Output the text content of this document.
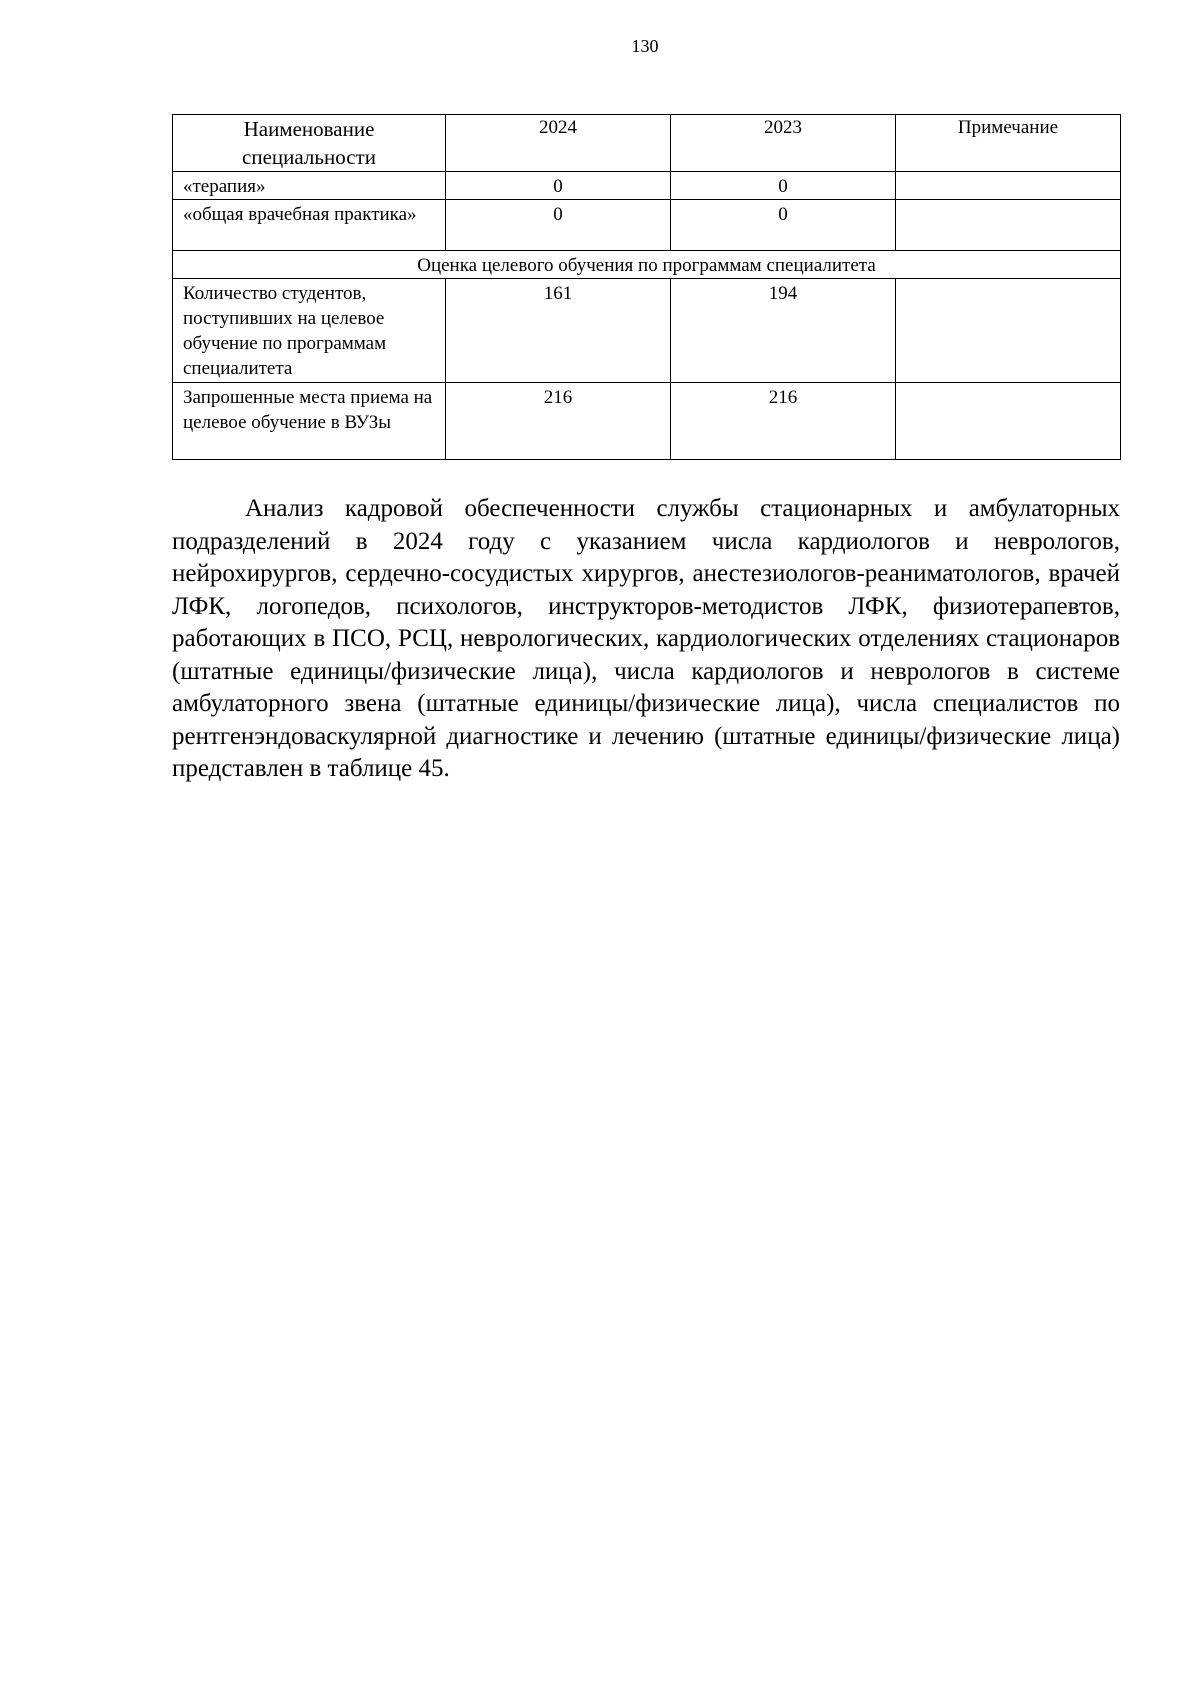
130
Наименование специальности	2024	2023	Примечание
«терапия»	0	0	
«общая врачебная практика»	0	0	
Оценка целевого обучения по программам специалитета			
Количество студентов, поступивших на целевое обучение по программам специалитета	161	194	
Запрошенные места приема на целевое обучение в ВУЗы	216	216	

Анализ кадровой обеспеченности службы стационарных и амбулаторных подразделений в 2024 году с указанием числа кардиологов и неврологов, нейрохирургов, сердечно-сосудистых хирургов, анестезиологов-реаниматологов, врачей ЛФК, логопедов, психологов, инструкторов-методистов ЛФК, физиотерапевтов, работающих в ПСО, РСЦ, неврологических, кардиологических отделениях стационаров (штатные единицы/физические лица), числа кардиологов и неврологов в системе амбулаторного звена (штатные единицы/физические лица), числа специалистов по рентгенэндоваскулярной диагностике и лечению (штатные единицы/физические лица) представлен в таблице 45.
